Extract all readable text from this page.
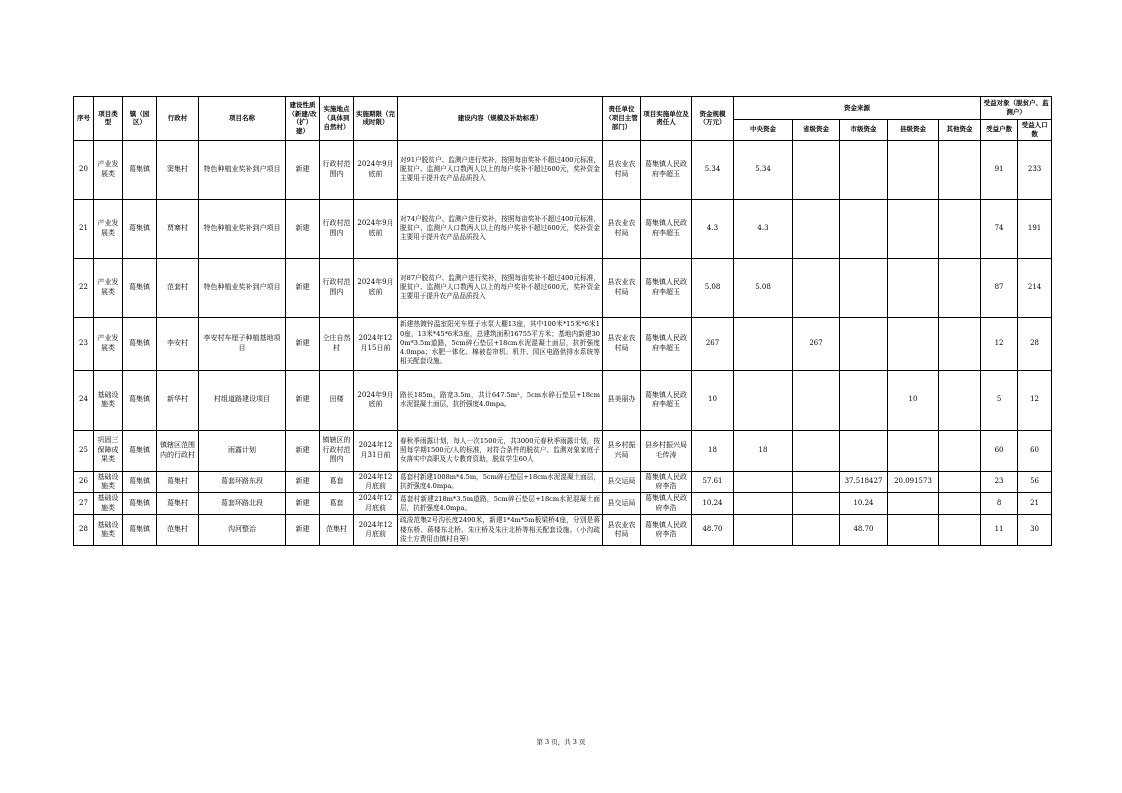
序号	项目类型	镇（园区）	行政村	项目名称	建设性质（新建/改（扩）建）	实施地点（具体到自然村）	实施期限（完成时限）	建设内容（规模及补助标准）	责任单位（项目主管部门）	项目实施单位及责任人	资金规模（万元）	资金来源					受益对象（脱贫户、监测户）	
												中央资金	省级资金	市级资金	县级资金	其他资金	受益户数	受益人口数
20	产业发展类	葛集镇	窦集村	特色种植业奖补到户项目	新建	行政村范围内	2024年9月底前	对91户脱贫户、监测户进行奖补，按照每亩奖补不超过400元标准，脱贫户、监测户人口数两人以上的每户奖补不超过600元，奖补资金主要用于提升农产品品质投入	县农业农村局	葛集镇人民政府李超玉	5.34	5.34					91	233
21	产业发展类	葛集镇	贾寨村	特色种植业奖补到户项目	新建	行政村范围内	2024年9月底前	对74户脱贫户、监测户进行奖补，按照每亩奖补不超过400元标准，脱贫户、监测户人口数两人以上的每户奖补不超过600元，奖补资金主要用于提升农产品品质投入	县农业农村局	葛集镇人民政府李超玉	4.3	4.3					74	191
22	产业发展类	葛集镇	范套村	特色种植业奖补到户项目	新建	行政村范围内	2024年9月底前	对87户脱贫户、监测户进行奖补，按照每亩奖补不超过400元标准，脱贫户、监测户人口数两人以上的每户奖补不超过600元，奖补资金主要用于提升农产品品质投入	县农业农村局	葛集镇人民政府李超玉	5.08	5.08					87	214
23	产业发展类	葛集镇	李安村	李安村车厘子种植基地项目	新建	仝庄自然村	2024年12月15日前	新建热镀锌温室阳光车厘子水泵大棚13座，其中100米*15米*6米10座，13米*45*6米3座，总建筑面积16755平方米；基地内新建300m*3.5m道路，5cm碎石垫层+18cm水泥混凝土面层，抗折强度4.0mpa；水肥一体化、棉被卷帘机、机井、园区电路供排水系统等相关配套设施。	县农业农村局	葛集镇人民政府李超玉	267		267				12	28
24	基础设施类	葛集镇	新华村	村组道路建设项目	新建	田楼	2024年9月底前	路长185m，路宽3.5m，共计647.5m²，5cm水碎石垫层+18cm水泥混凝土面层，抗折强度4.0mpa。	县美丽办	葛集镇人民政府李超玉	10				10		5	12
25	巩固三保障成果类	葛集镇	镇辖区范围内的行政村	雨露计划	新建	镇辖区的行政村范围内	2024年12月31日前	春秋季雨露计划，每人一次1500元，共3000元春秋季雨露计划，按照每学期1500元/人的标准，对符合条件的脱贫户、监测对象家庭子女落实中高职及大专教育资助，脱贫学生60人	县乡村振兴局	县乡村振兴局毛传涛	18	18					60	60
26	基础设施类	葛集镇	葛集村	葛套环路东段	新建	葛套	2024年12月底前	葛套村新建1008m*4.5m，5cm碎石垫层+18cm水泥混凝土面层，抗折强度4.0mpa。	县交运局	葛集镇人民政府李浩	57.61			37.518427	20.091573		23	56
27	基础设施类	葛集镇	葛集村	葛套环路北段	新建	葛套	2024年12月底前	葛套村新建218m*3.5m道路，5cm碎石垫层+18cm水泥混凝土面层，抗折强度4.0mpa。	县交运局	葛集镇人民政府李浩	10.24			10.24			8	21
28	基础设施类	葛集镇	范集村	沟河整治	新建	范集村	2024年12月底前	疏浚范集2号沟长度2490米，新建1*4m*5m板梁桥4座，分别是蒋楼东桥、蒋楼东北桥、朱庄桥及朱庄北桥等相关配套设施。（小沟疏浚土方费用由镇村自筹）	县农业农村局	葛集镇人民政府李浩	48.70			48.70			11	30
第 3 页，共 3 页
